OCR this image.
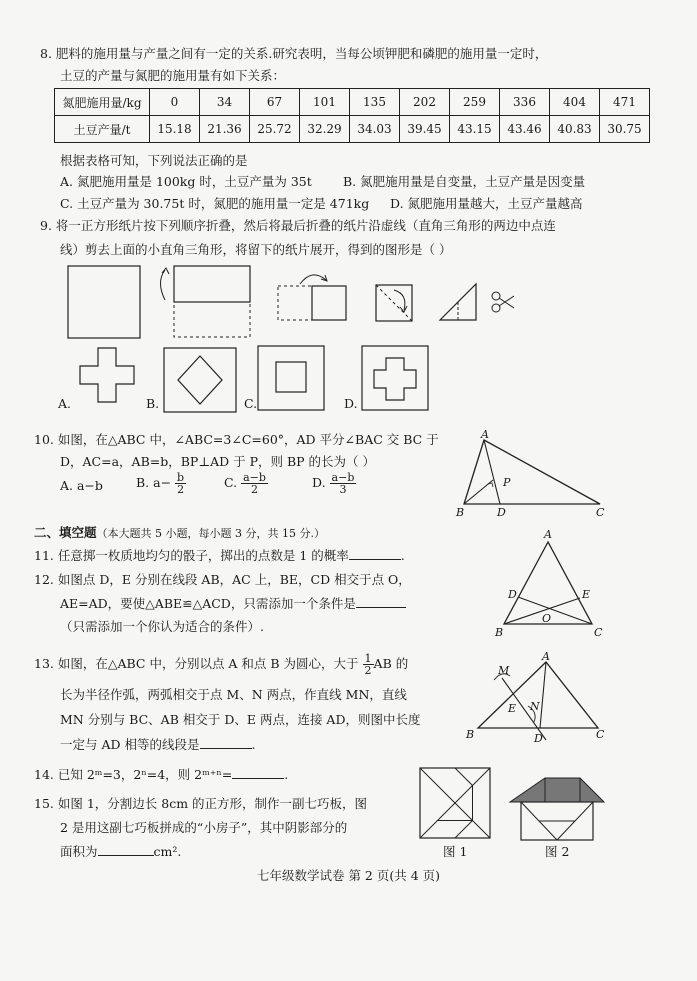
8. 肥料的施用量与产量之间有一定的关系.研究表明，当每公顷钾肥和磷肥的施用量一定时，
土豆的产量与氮肥的施用量有如下关系：
氮肥施用量/kg	0	34	67	101	135	202	259	336	404	471
土豆产量/t	15.18	21.36	25.72	32.29	34.03	39.45	43.15	43.46	40.83	30.75
根据表格可知，下列说法正确的是
A. 氮肥施用量是 100kg 时，土豆产量为 35t B. 氮肥施用量是自变量，土豆产量是因变量
C. 土豆产量为 30.75t 时，氮肥的施用量一定是 471kg D. 氮肥施用量越大，土豆产量越高
9. 将一正方形纸片按下列顺序折叠，然后将最后折叠的纸片沿虚线（直角三角形的两边中点连
线）剪去上面的小直角三角形，将留下的纸片展开，得到的图形是（ ）
A.	B.	C.	D.
10. 如图，在△ABC 中，∠ABC=3∠C=60°，AD 平分∠BAC 交 BC 于
D，AC=a，AB=b，BP⊥AD 于 P，则 BP 的长为（ ）
A. a−b	B. $a- \frac{b}{2}$	C. $\frac{a-b}{2}$	D. $\frac{a-b}{3}$
A
B	C
D
P
二、填空题（本大题共 5 小题，每小题 3 分，共 15 分.）
11. 任意掷一枚质地均匀的骰子，掷出的点数是 1 的概率	.
12. 如图点 D，E 分别在线段 AB，AC 上，BE，CD 相交于点 O，
AE=AD，要使△ABE≌△ACD，只需添加一个条件是
（只需添加一个你认为适合的条件）.
A
B	C
D	E
O
13. 如图，在△ABC 中，分别以点 A 和点 B 为圆心，大于 $\frac{1}{2}$ AB 的
长为半径作弧，两弧相交于点 M、N 两点，作直线 MN，直线
MN 分别与 BC、AB 相交于 D、E 两点，连接 AD，则图中长度
一定与 AD 相等的线段是	.
A
B	C
D
E
M
N
14. 已知 2ᵐ=3，2ⁿ=4，则 2ᵐ⁺ⁿ=	.
15. 如图 1，分割边长 8cm 的正方形，制作一副七巧板，图
2 是用这副七巧板拼成的“小房子”，其中阴影部分的
面积为	cm².	图 1	图 2
七年级数学试卷 第 2 页(共 4 页)
